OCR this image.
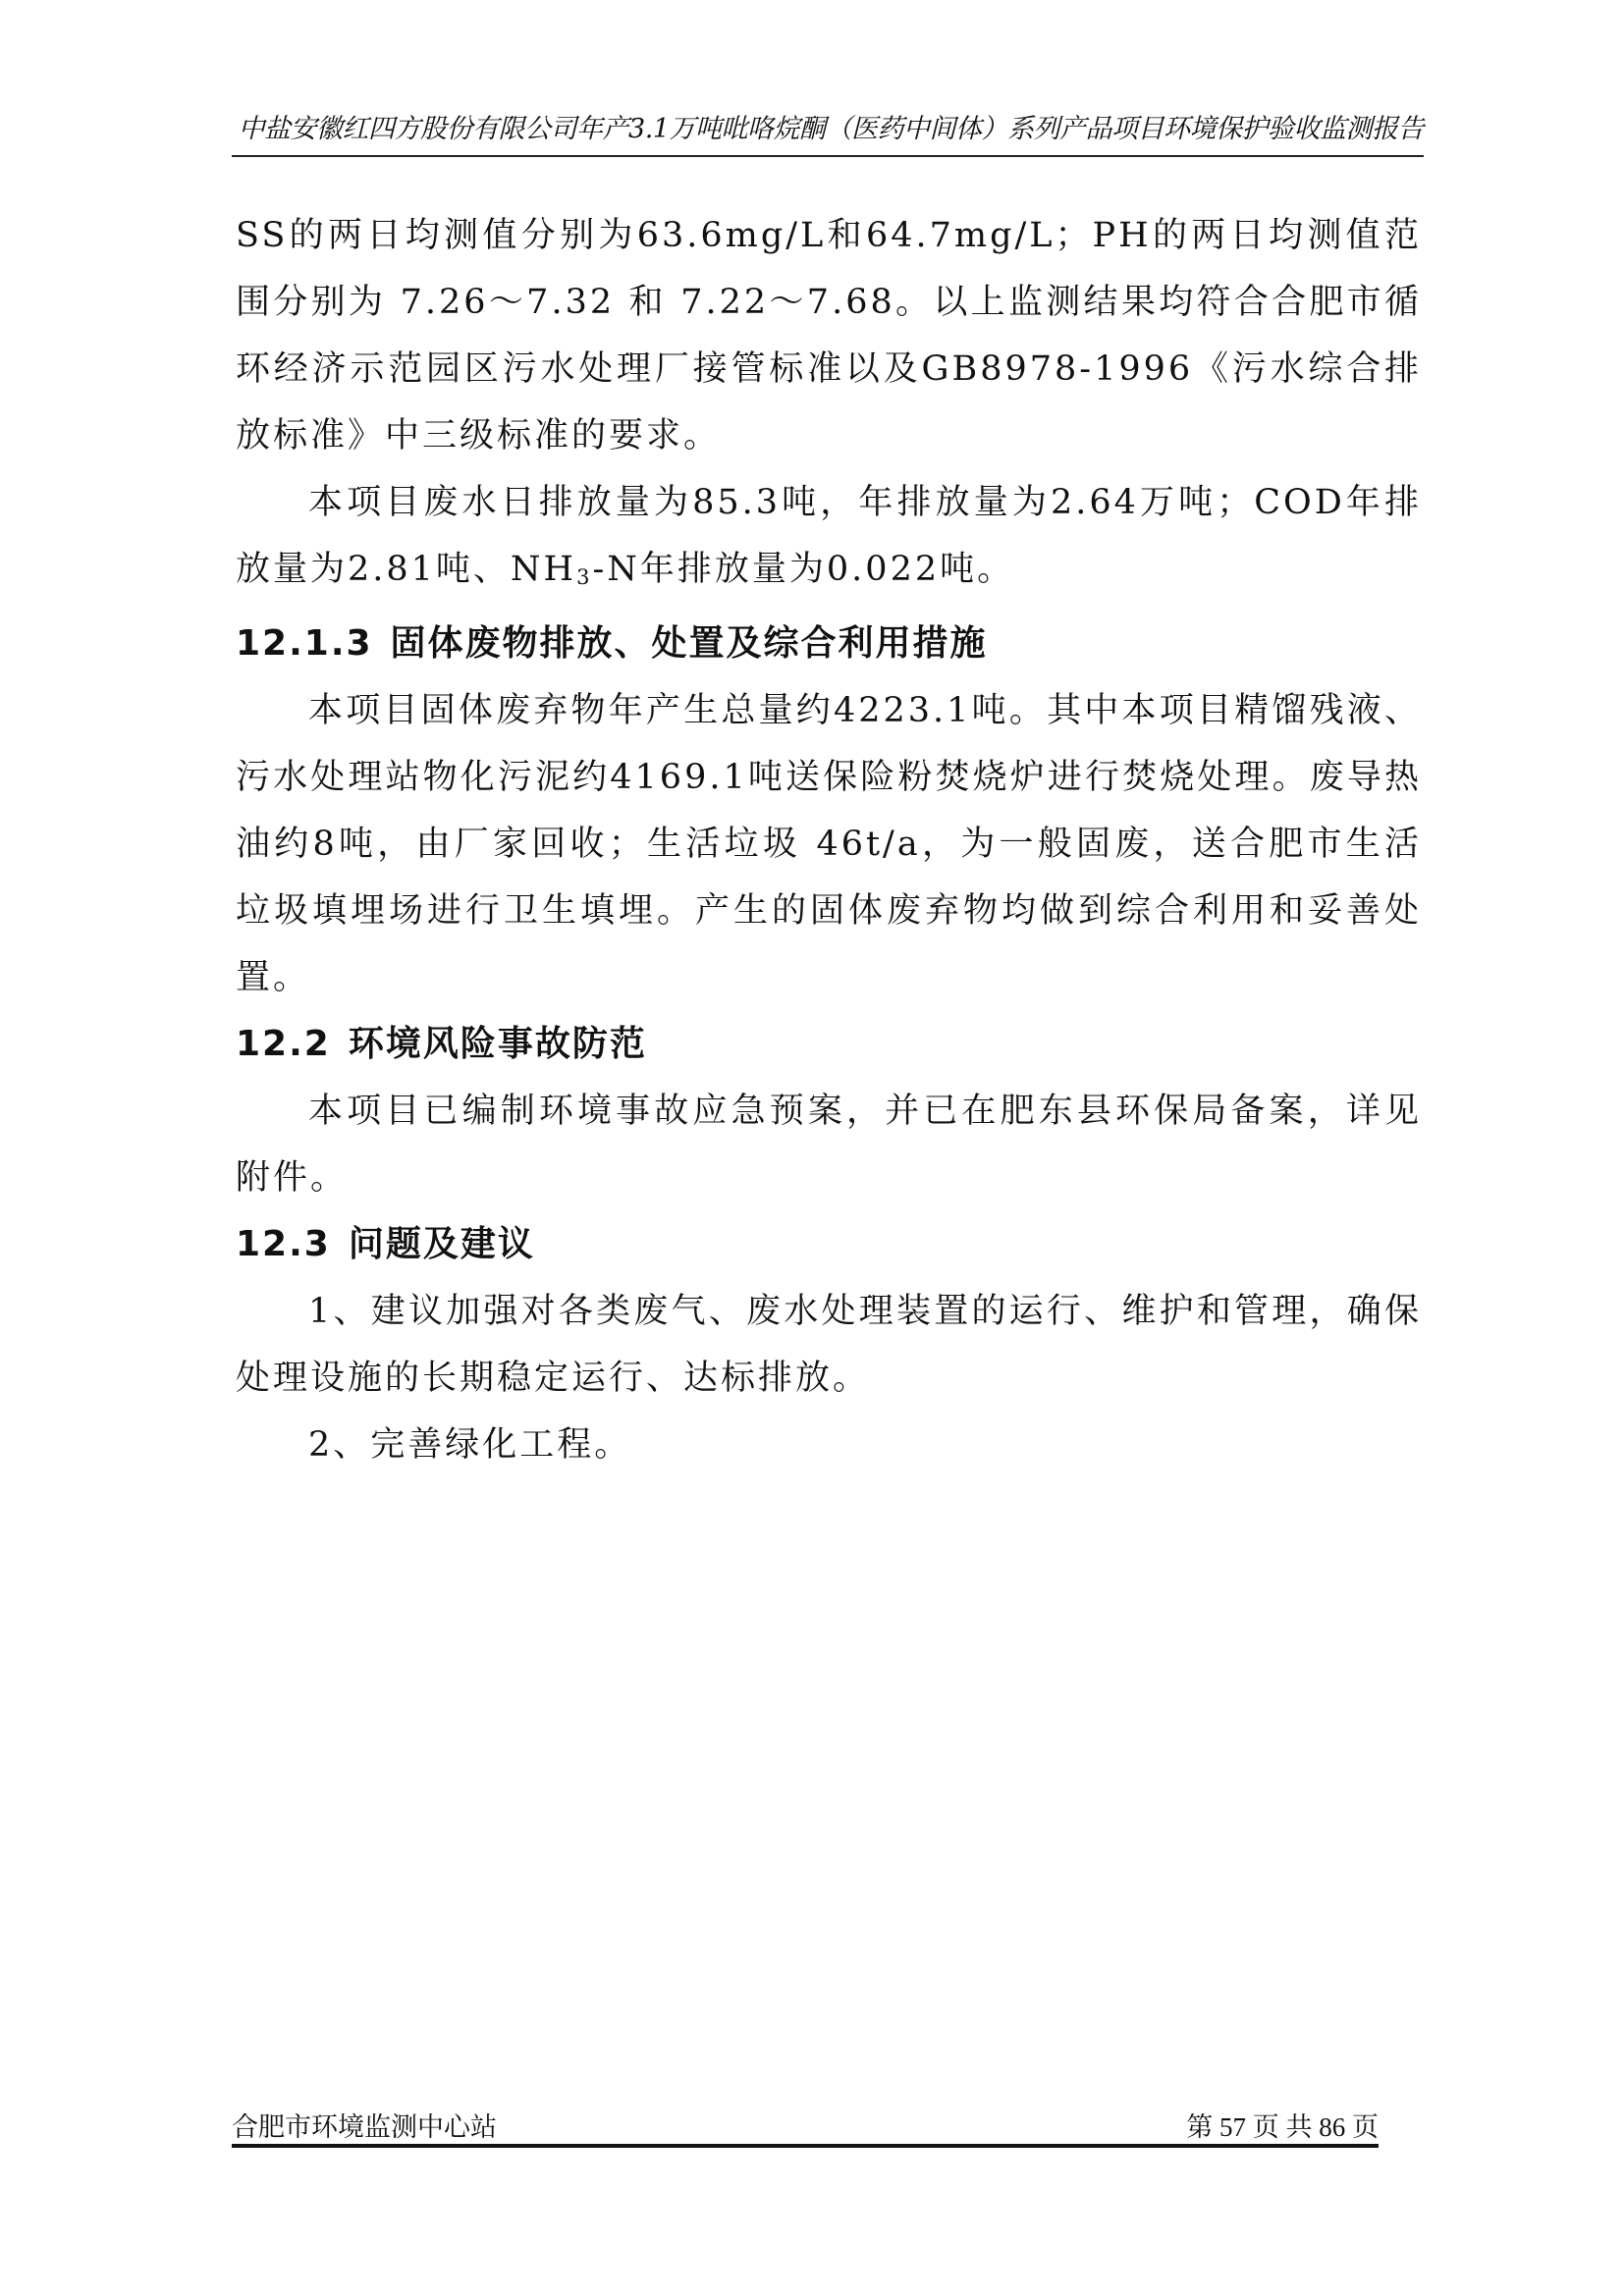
中盐安徽红四方股份有限公司年产3.1万吨吡咯烷酮（医药中间体）系列产品项目环境保护验收监测报告

SS的两日均测值分别为63.6mg/L和64.7mg/L；PH的两日均测值范围分别为 7.26～7.32 和 7.22～7.68。以上监测结果均符合合肥市循环经济示范园区污水处理厂接管标准以及GB8978-1996《污水综合排放标准》中三级标准的要求。

本项目废水日排放量为85.3吨，年排放量为2.64万吨；COD年排放量为2.81吨、$NH_3-N$年排放量为0.022吨。

12.1.3 固体废物排放、处置及综合利用措施

本项目固体废弃物年产生总量约4223.1吨。其中本项目精馏残液、污水处理站物化污泥约4169.1吨送保险粉焚烧炉进行焚烧处理。废导热油约8吨，由厂家回收；生活垃圾 46t/a，为一般固废，送合肥市生活垃圾填埋场进行卫生填埋。产生的固体废弃物均做到综合利用和妥善处置。

12.2 环境风险事故防范

本项目已编制环境事故应急预案，并已在肥东县环保局备案，详见附件。

12.3 问题及建议

1、建议加强对各类废气、废水处理装置的运行、维护和管理，确保处理设施的长期稳定运行、达标排放。

2、完善绿化工程。

合肥市环境监测中心站	第 57 页 共 86 页
